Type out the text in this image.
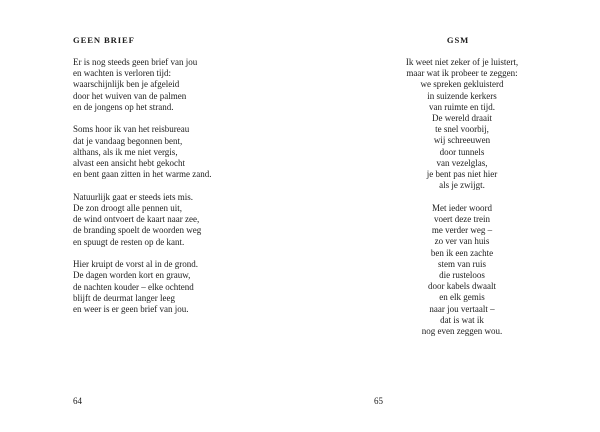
GEEN BRIEF
Er is nog steeds geen brief van jou
en wachten is verloren tijd:
waarschijnlijk ben je afgeleid
door het wuiven van de palmen
en de jongens op het strand.
Soms hoor ik van het reisbureau
dat je vandaag begonnen bent,
althans, als ik me niet vergis,
alvast een ansicht hebt gekocht
en bent gaan zitten in het warme zand.
Natuurlijk gaat er steeds iets mis.
De zon droogt alle pennen uit,
de wind ontvoert de kaart naar zee,
de branding spoelt de woorden weg
en spuugt de resten op de kant.
Hier kruipt de vorst al in de grond.
De dagen worden kort en grauw,
de nachten kouder – elke ochtend
blijft de deurmat langer leeg
en weer is er geen brief van jou.
64
GSM
Ik weet niet zeker of je luistert,
maar wat ik probeer te zeggen:
we spreken gekluisterd
in suizende kerkers
van ruimte en tijd.
De wereld draait
te snel voorbij,
wij schreeuwen
door tunnels
van vezelglas,
je bent pas niet hier
als je zwijgt.
Met ieder woord
voert deze trein
me verder weg –
zo ver van huis
ben ik een zachte
stem van ruis
die rusteloos
door kabels dwaalt
en elk gemis
naar jou vertaalt –
dat is wat ik
nog even zeggen wou.
65
